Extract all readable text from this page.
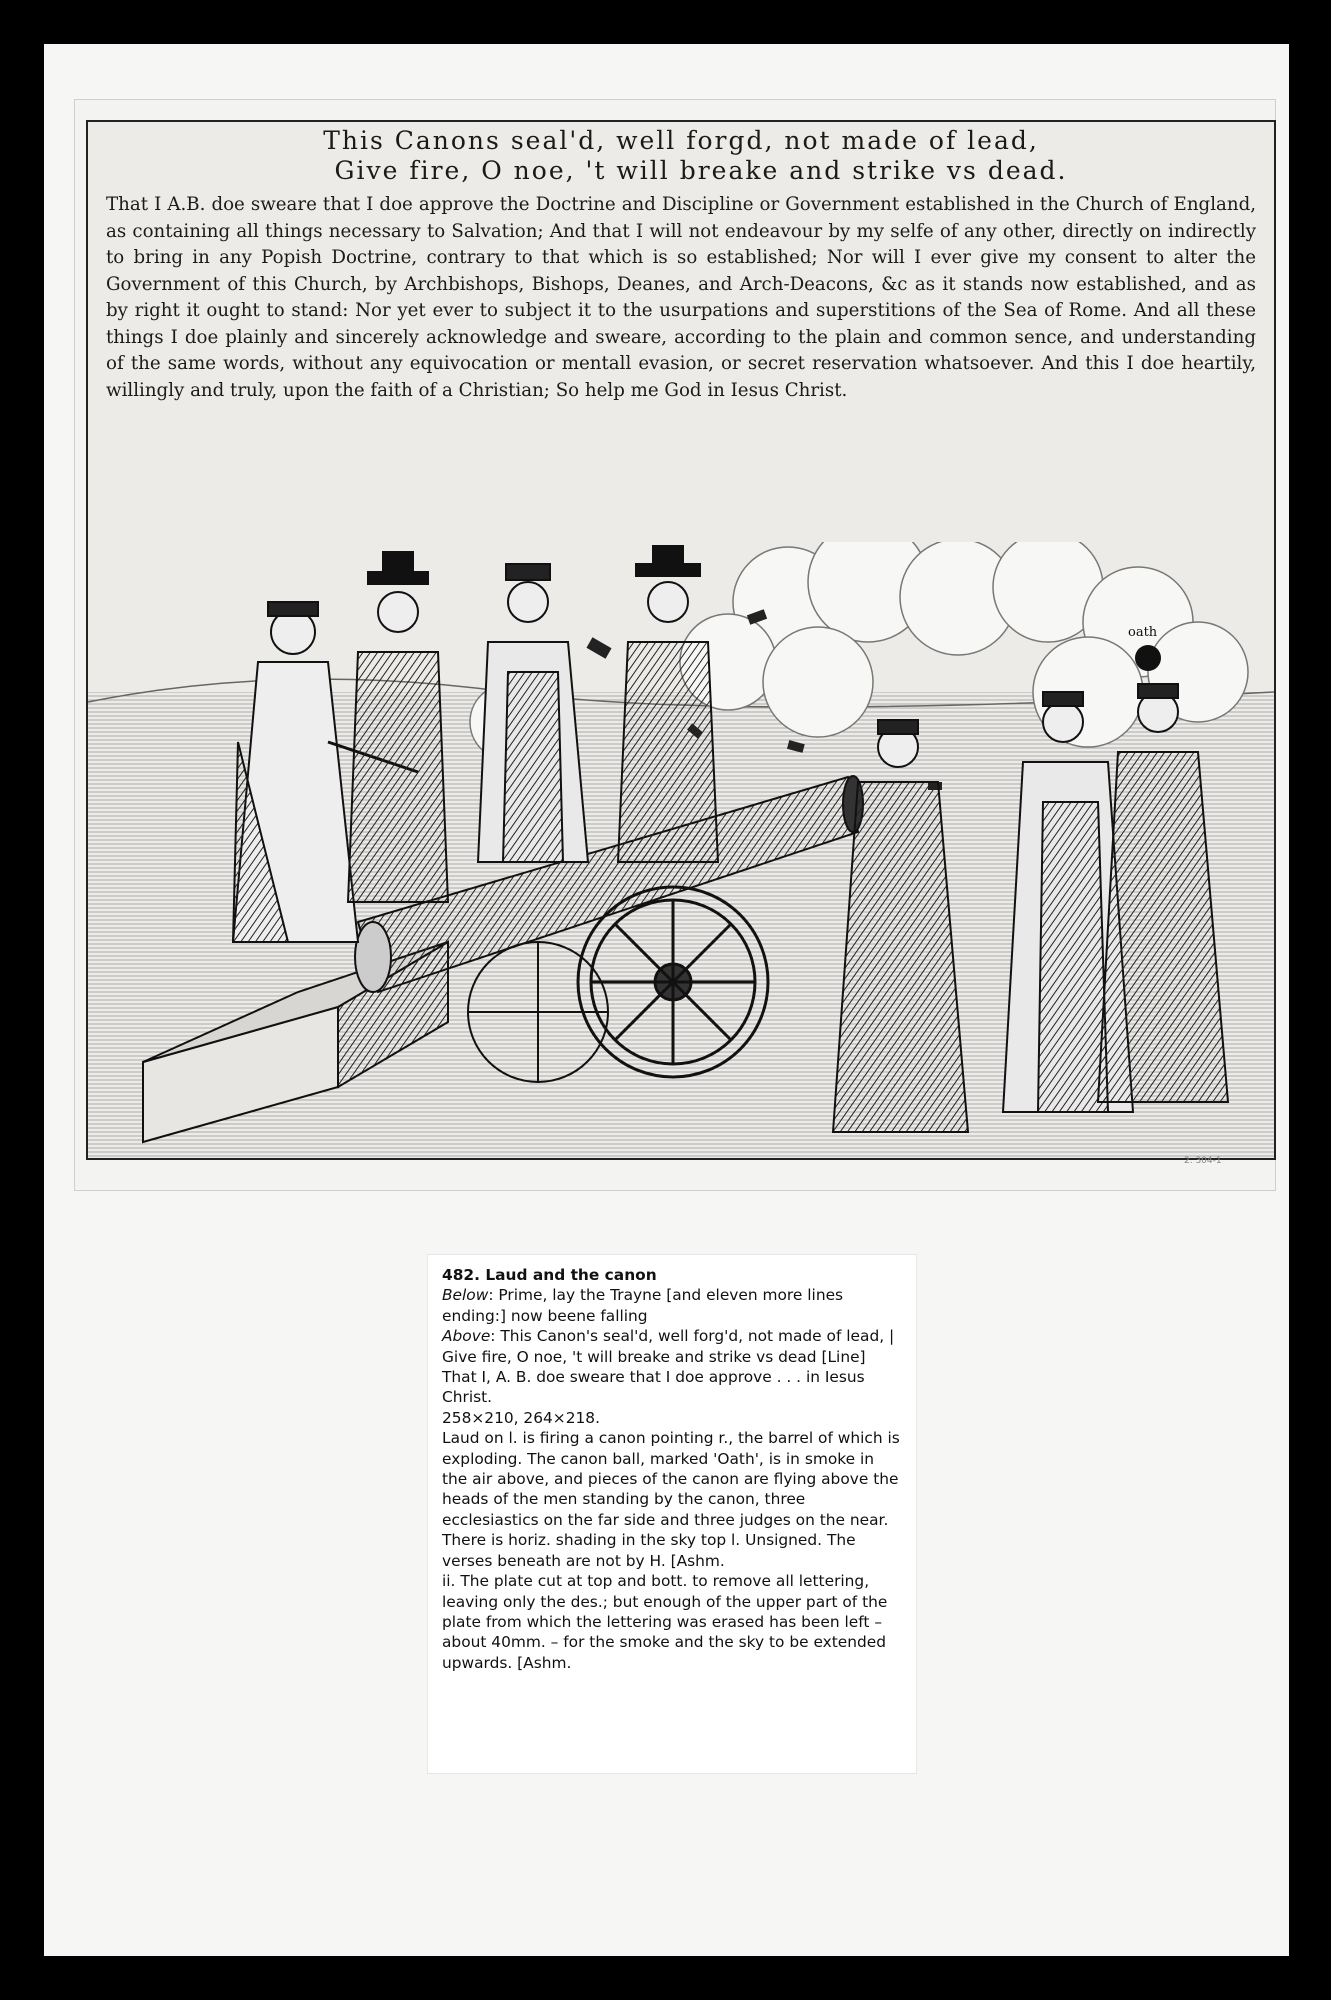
This Canons seal'd, well forgd, not made of lead,
Give fire, O noe, 't will breake and strike vs dead.
That I A.B. doe sweare that I doe approve the Doctrine and Discipline or Government established in the Church of England, as containing all things necessary to Salvation; And that I will not endeavour by my selfe of any other, directly on indirectly to bring in any Popish Doctrine, contrary to that which is so established; Nor will I ever give my consent to alter the Government of this Church, by Archbishops, Bishops, Deanes, and Arch-Deacons, &c as it stands now established, and as by right it ought to stand: Nor yet ever to subject it to the usurpations and superstitions of the Sea of Rome. And all these things I doe plainly and sincerely acknowledge and sweare, according to the plain and common sence, and understanding of the same words, without any equivocation or mentall evasion, or secret reservation whatsoever. And this I doe heartily, willingly and truly, upon the faith of a Christian; So help me God in Iesus Christ.
oath
2. 304-1

482. Laud and the canon

Below: Prime, lay the Trayne [and eleven more lines ending:] now beene falling

Above: This Canon's seal'd, well forg'd, not made of lead, | Give fire, O noe, 't will breake and strike vs dead [Line] That I, A. B. doe sweare that I doe approve . . . in Iesus Christ.

258×210, 264×218.

Laud on l. is firing a canon pointing r., the barrel of which is exploding. The canon ball, marked 'Oath', is in smoke in the air above, and pieces of the canon are flying above the heads of the men standing by the canon, three ecclesiastics on the far side and three judges on the near. There is horiz. shading in the sky top l. Unsigned. The verses beneath are not by H. [Ashm.

ii. The plate cut at top and bott. to remove all lettering, leaving only the des.; but enough of the upper part of the plate from which the lettering was erased has been left – about 40mm. – for the smoke and the sky to be extended upwards. [Ashm.
